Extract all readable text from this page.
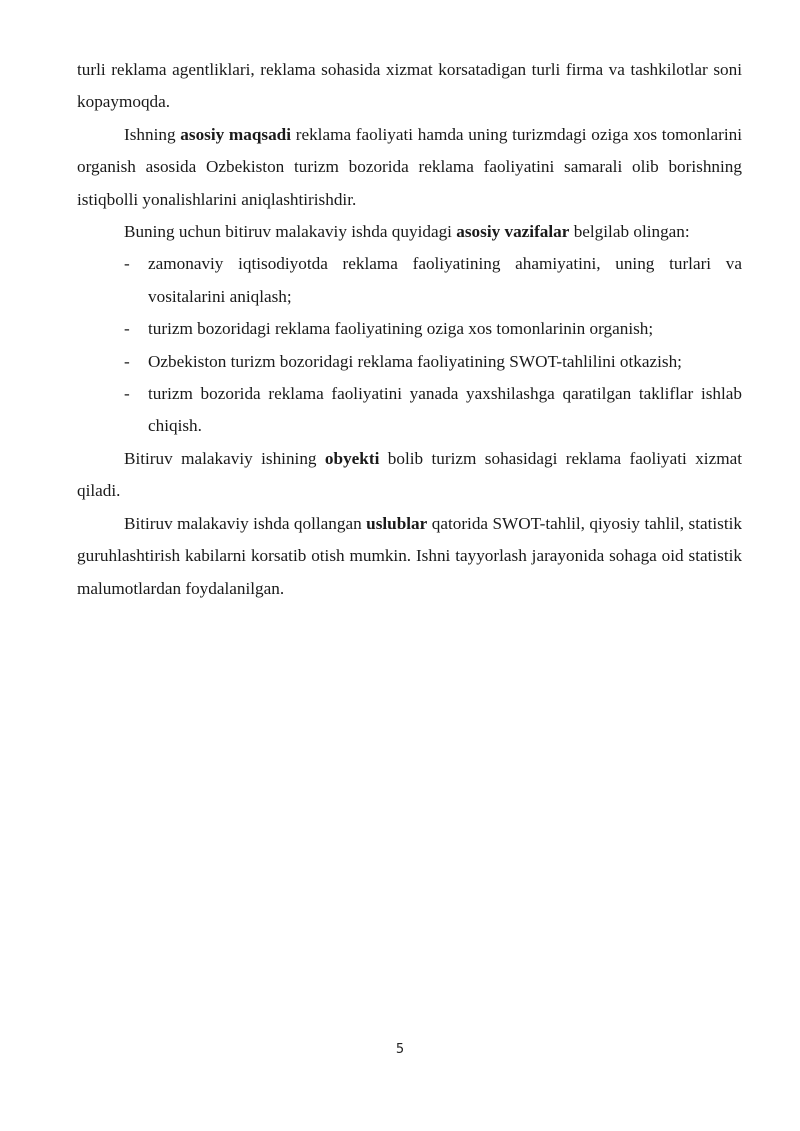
turli reklama agentliklari, reklama sohasida xizmat korsatadigan turli firma va tashkilotlar soni kopaymoqda.

Ishning asosiy maqsadi reklama faoliyati hamda uning turizmdagi oziga xos tomonlarini organish asosida Ozbekiston turizm bozorida reklama faoliyatini samarali olib borishning istiqbolli yonalishlarini aniqlashtirishdir.

Buning uchun bitiruv malakaviy ishda quyidagi asosiy vazifalar belgilab olingan:

- zamonaviy iqtisodiyotda reklama faoliyatining ahamiyatini, uning turlari va vositalarini aniqlash;
- turizm bozoridagi reklama faoliyatining oziga xos tomonlarinin organish;
- Ozbekiston turizm bozoridagi reklama faoliyatining SWOT-tahlilini otkazish;
- turizm bozorida reklama faoliyatini yanada yaxshilashga qaratilgan takliflar ishlab chiqish.

Bitiruv malakaviy ishining obyekti bolib turizm sohasidagi reklama faoliyati xizmat qiladi.

Bitiruv malakaviy ishda qollangan uslublar qatorida SWOT-tahlil, qiyosiy tahlil, statistik guruhlashtirish kabilarni korsatib otish mumkin. Ishni tayyorlash jarayonida sohaga oid statistik malumotlardan foydalanilgan.

5
